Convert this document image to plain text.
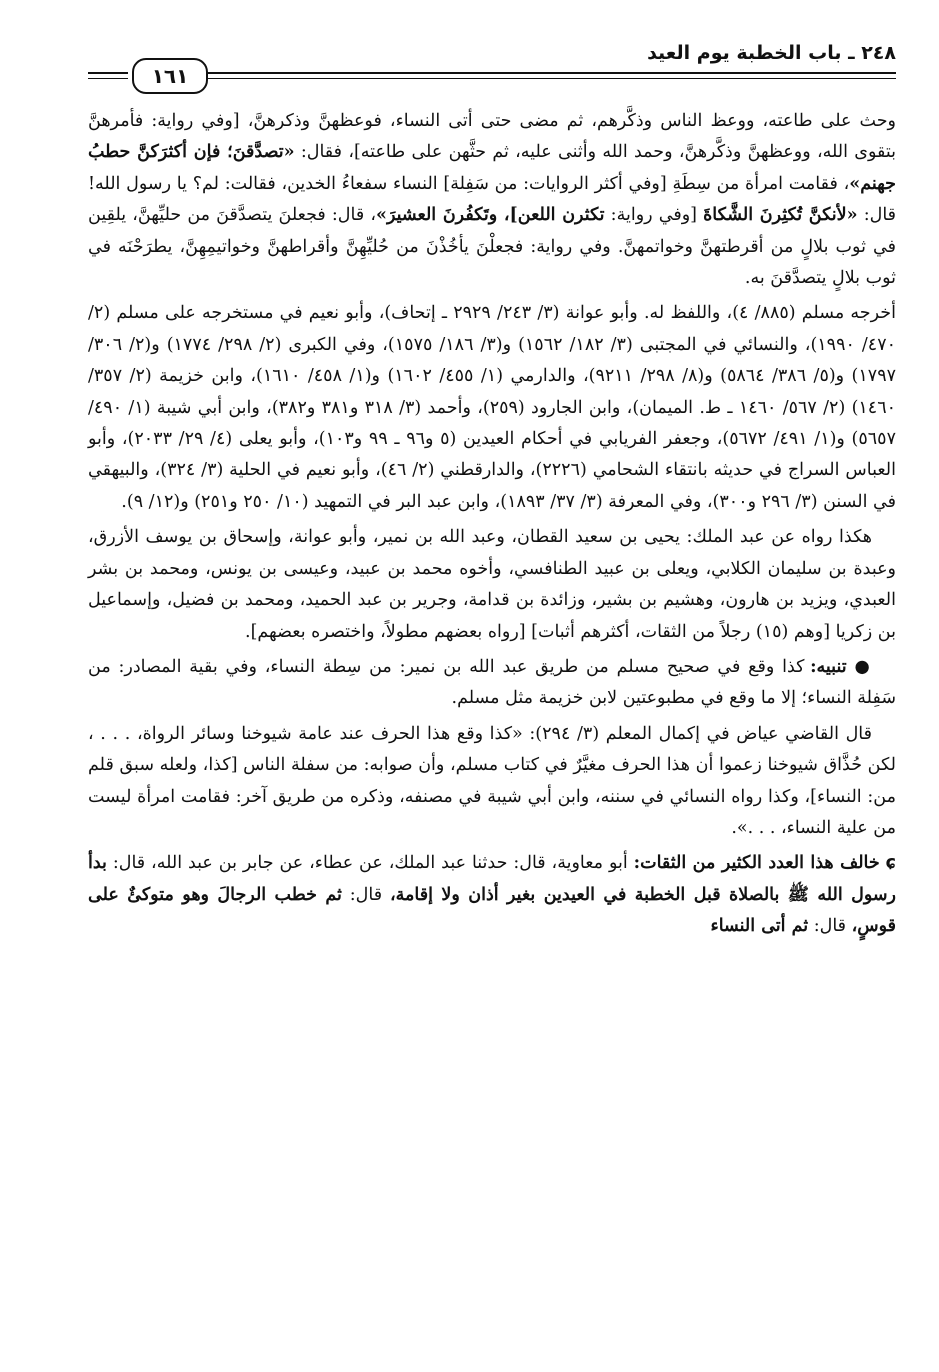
٢٤٨ ـ باب الخطبة يوم العيد
١٦١

وحث على طاعته، ووعظ الناس وذكَّرهم، ثم مضى حتى أتى النساء، فوعظهنَّ وذكرهنَّ، [وفي رواية: فأمرهنَّ بتقوى الله، ووعظهنَّ وذكَّرهنَّ، وحمد الله وأثنى عليه، ثم حثَّهن على طاعته]، فقال: «تصدَّقنَ؛ فإن أكثرَكنَّ حطبُ جهنم»، فقامت امرأة من سِطَةِ [وفي أكثر الروايات: من سَفِلة] النساء سفعاءُ الخدين، فقالت: لم؟ يا رسول الله! قال: «لأنكنَّ تُكثِرنَ الشَّكاةَ [وفي رواية: تكثرن اللعن]، وتَكفُرنَ العشيرَ»، قال: فجعلنَ يتصدَّقنَ من حليِّهنَّ، يلقِين في ثوب بلالٍ من أقرطتهنَّ وخواتمهنَّ. وفي رواية: فجعلْنَ يأخُذْنَ من حُليِّهِنَّ وأقراطهنَّ وخواتيمِهِنَّ، يطرَحْنَه في ثوب بلالٍ يتصدَّقنَ به.

أخرجه مسلم (٨٨٥/ ٤)، واللفظ له. وأبو عوانة (٣/ ٢٤٣/ ٢٩٢٩ ـ إتحاف)، وأبو نعيم في مستخرجه على مسلم (٢/ ٤٧٠/ ١٩٩٠)، والنسائي في المجتبى (٣/ ١٨٢/ ١٥٦٢) و(٣/ ١٨٦/ ١٥٧٥)، وفي الكبرى (٢/ ٢٩٨/ ١٧٧٤) و(٢/ ٣٠٦/ ١٧٩٧) و(٥/ ٣٨٦/ ٥٨٦٤) و(٨/ ٢٩٨/ ٩٢١١)، والدارمي (١/ ٤٥٥/ ١٦٠٢) و(١/ ٤٥٨/ ١٦١٠)، وابن خزيمة (٢/ ٣٥٧/ ١٤٦٠) (٢/ ٥٦٧/ ١٤٦٠ ـ ط. الميمان)، وابن الجارود (٢٥٩)، وأحمد (٣/ ٣١٨ و٣٨١ و٣٨٢)، وابن أبي شيبة (١/ ٤٩٠/ ٥٦٥٧) و(١/ ٤٩١/ ٥٦٧٢)، وجعفر الفريابي في أحكام العيدين (٥ و٩٦ ـ ٩٩ و١٠٣)، وأبو يعلى (٤/ ٢٩/ ٢٠٣٣)، وأبو العباس السراج في حديثه بانتقاء الشحامي (٢٢٢٦)، والدارقطني (٢/ ٤٦)، وأبو نعيم في الحلية (٣/ ٣٢٤)، والبيهقي في السنن (٣/ ٢٩٦ و٣٠٠)، وفي المعرفة (٣/ ٣٧/ ١٨٩٣)، وابن عبد البر في التمهيد (١٠/ ٢٥٠ و٢٥١) و(١٢/ ٩).

هكذا رواه عن عبد الملك: يحيى بن سعيد القطان، وعبد الله بن نمير، وأبو عوانة، وإسحاق بن يوسف الأزرق، وعبدة بن سليمان الكلابي، ويعلى بن عبيد الطنافسي، وأخوه محمد بن عبيد، وعيسى بن يونس، ومحمد بن بشر العبدي، ويزيد بن هارون، وهشيم بن بشير، وزائدة بن قدامة، وجرير بن عبد الحميد، ومحمد بن فضيل، وإسماعيل بن زكريا [وهم (١٥) رجلاً من الثقات، أكثرهم أثبات] [رواه بعضهم مطولاً، واختصره بعضهم].

● تنبيه: كذا وقع في صحيح مسلم من طريق عبد الله بن نمير: من سِطة النساء، وفي بقية المصادر: من سَفِلة النساء؛ إلا ما وقع في مطبوعتين لابن خزيمة مثل مسلم.

قال القاضي عياض في إكمال المعلم (٣/ ٢٩٤): «كذا وقع هذا الحرف عند عامة شيوخنا وسائر الرواة، . . . ، لكن حُذَّاق شيوخنا زعموا أن هذا الحرف مغيَّرٌ في كتاب مسلم، وأن صوابه: من سفلة الناس [كذا، ولعله سبق قلم من: النساء]، وكذا رواه النسائي في سننه، وابن أبي شيبة في مصنفه، وذكره من طريق آخر: فقامت امرأة ليست من علية النساء، . . .».

ɕ خالف هذا العدد الكثير من الثقات: أبو معاوية، قال: حدثنا عبد الملك، عن عطاء، عن جابر بن عبد الله، قال: بدأ رسول الله ﷺ بالصلاة قبل الخطبة في العيدين بغير أذان ولا إقامة، قال: ثم خطب الرجالَ وهو متوكئٌ على قوسٍ، قال: ثم أتى النساء
